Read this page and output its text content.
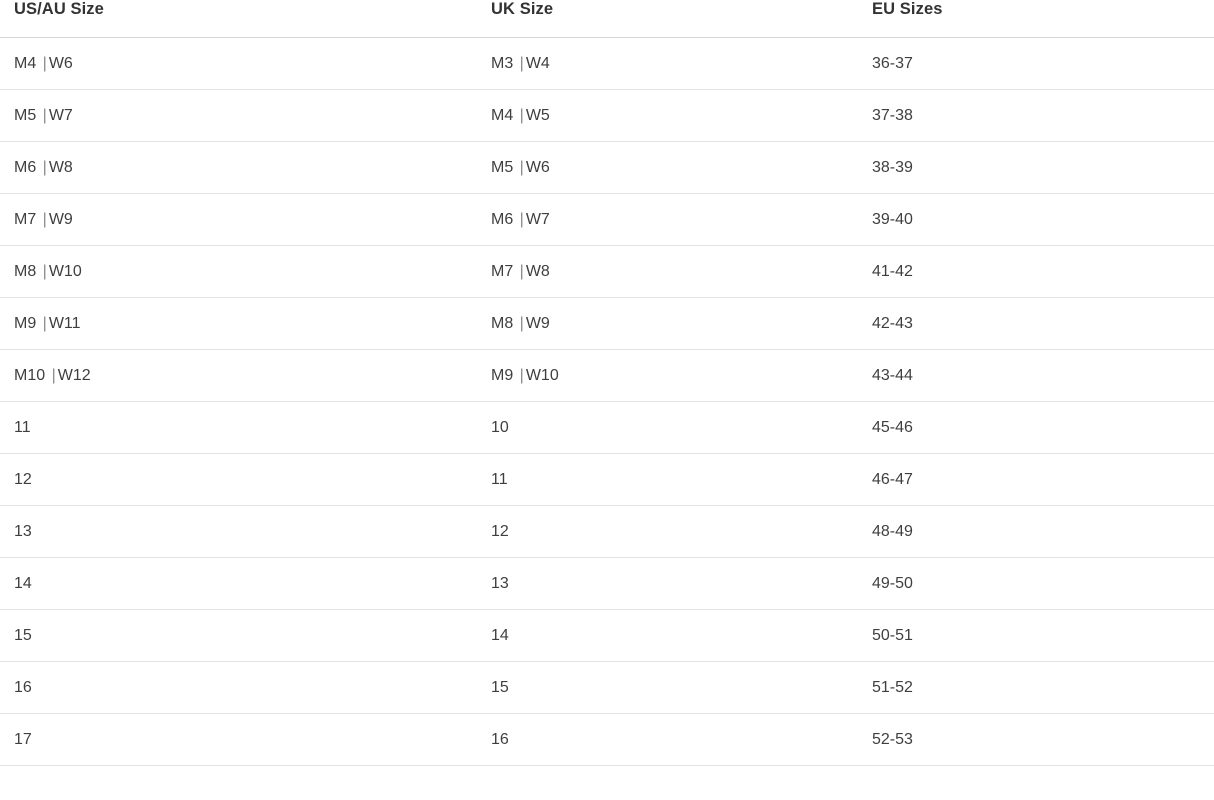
US/AU Size	UK Size	EU Sizes
M4 | W6	M3 | W4	36-37
M5 | W7	M4 | W5	37-38
M6 | W8	M5 | W6	38-39
M7 | W9	M6 | W7	39-40
M8 | W10	M7 | W8	41-42
M9 | W11	M8 | W9	42-43
M10 | W12	M9 | W10	43-44
11	10	45-46
12	11	46-47
13	12	48-49
14	13	49-50
15	14	50-51
16	15	51-52
17	16	52-53
